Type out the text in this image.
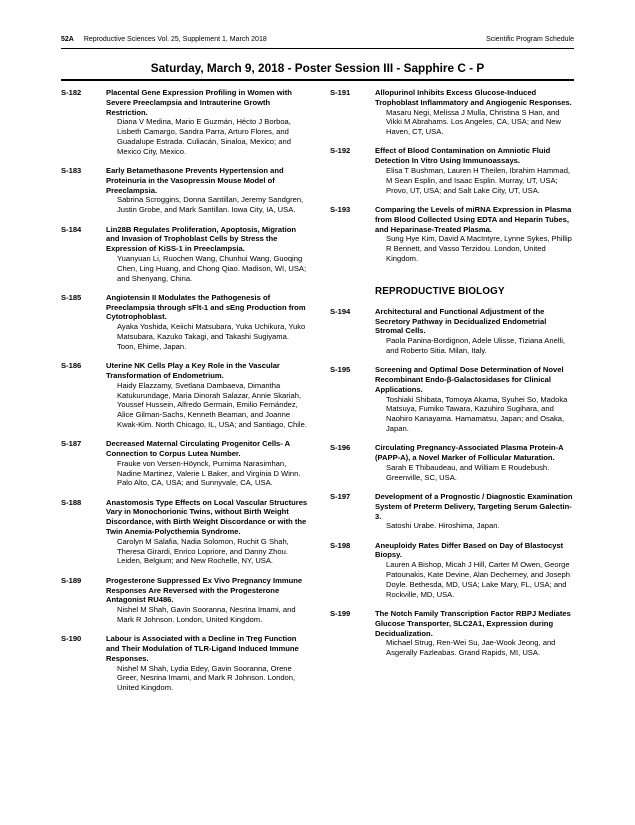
52A Reproductive Sciences Vol. 25, Supplement 1, March 2018	Scientific Program Schedule
Saturday, March 9, 2018 - Poster Session III - Sapphire C - P
S-182	Placental Gene Expression Profiling in Women with Severe Preeclampsia and Intrauterine Growth Restriction.
Diana V Medina, Mario E Guzmán, Hécto J Borboa, Lisbeth Camargo, Sandra Parra, Arturo Flores, and Guadalupe Estrada. Culiacán, Sinaloa, Mexico; and Mexico City, Mexico.
S-183	Early Betamethasone Prevents Hypertension and Proteinuria in the Vasopressin Mouse Model of Preeclampsia.
Sabrina Scroggins, Donna Santillan, Jeremy Sandgren, Justin Grobe, and Mark Santillan. Iowa City, IA, USA.
S-184	Lin28B Regulates Proliferation, Apoptosis, Migration and Invasion of Trophoblast Cells by Stress the Expression of KiSS-1 in Preeclampsia.
Yuanyuan Li, Ruochen Wang, Chunhui Wang, Guoqing Chen, Ling Huang, and Chong Qiao. Madison, WI, USA; and Shenyang, China.
S-185	Angiotensin II Modulates the Pathogenesis of Preeclampsia through sFlt-1 and sEng Production from Cytotrophoblast.
Ayaka Yoshida, Keiichi Matsubara, Yuka Uchikura, Yuko Matsubara, Kazuko Takagi, and Takashi Sugiyama. Toon, Ehime, Japan.
S-186	Uterine NK Cells Play a Key Role in the Vascular Transformation of Endometrium.
Haidy Elazzamy, Svetlana Dambaeva, Dimantha Katukurundage, Maria Dinorah Salazar, Annie Skariah, Youssef Hussein, Alfredo Germain, Emilio Fernández, Alice Gilman-Sachs, Kenneth Beaman, and Joanne Kwak-Kim. North Chicago, IL, USA; and Santiago, Chile.
S-187	Decreased Maternal Circulating Progenitor Cells- A Connection to Corpus Lutea Number.
Frauke von Versen-Höynck, Purnima Narasimhan, Nadine Martinez, Valerie L Baker, and Virginia D Winn. Palo Alto, CA, USA; and Sunnyvale, CA, USA.
S-188	Anastomosis Type Effects on Local Vascular Structures Vary in Monochorionic Twins, without Birth Weight Discordance, with Birth Weight Discordance or with the Twin Anemia-Polycthemia Syndrome.
Carolyn M Salafia, Nadia Solomon, Ruchit G Shah, Theresa Girardi, Enrico Lopriore, and Danny Zhou. Leiden, Belgium; and New Rochelle, NY, USA.
S-189	Progesterone Suppressed Ex Vivo Pregnancy Immune Responses Are Reversed with the Progesterone Antagonist RU486.
Nishel M Shah, Gavin Sooranna, Nesrina Imami, and Mark R Johnson. London, United Kingdom.
S-190	Labour is Associated with a Decline in Treg Function and Their Modulation of TLR-Ligand Induced Immune Responses.
Nishel M Shah, Lydia Edey, Gavin Sooranna, Orene Greer, Nesrina Imami, and Mark R Johnson. London, United Kingdom.
S-191	Allopurinol Inhibits Excess Glucose-Induced Trophoblast Inflammatory and Angiogenic Responses.
Masaru Negi, Melissa J Mulla, Christina S Han, and Vikki M Abrahams. Los Angeles, CA, USA; and New Haven, CT, USA.
S-192	Effect of Blood Contamination on Amniotic Fluid Detection In Vitro Using Immunoassays.
Elisa T Bushman, Lauren H Theilen, Ibrahim Hammad, M Sean Esplin, and Isaac Esplin. Murray, UT, USA; Provo, UT, USA; and Salt Lake City, UT, USA.
S-193	Comparing the Levels of miRNA Expression in Plasma from Blood Collected Using EDTA and Heparin Tubes, and Heparinase-Treated Plasma.
Sung Hye Kim, David A MacIntyre, Lynne Sykes, Phillip R Bennett, and Vasso Terzidou. London, United Kingdom.
REPRODUCTIVE BIOLOGY
S-194	Architectural and Functional Adjustment of the Secretory Pathway in Decidualized Endometrial Stromal Cells.
Paola Panina-Bordignon, Adele Ulisse, Tiziana Anelli, and Roberto Sitia. Milan, Italy.
S-195	Screening and Optimal Dose Determination of Novel Recombinant Endo-β-Galactosidases for Clinical Applications.
Toshiaki Shibata, Tomoya Akama, Syuhei So, Madoka Matsuya, Fumiko Tawara, Kazuhiro Sugihara, and Naohiro Kanayama. Hamamatsu, Japan; and Osaka, Japan.
S-196	Circulating Pregnancy-Associated Plasma Protein-A (PAPP-A), a Novel Marker of Follicular Maturation.
Sarah E Thibaudeau, and William E Roudebush. Greenville, SC, USA.
S-197	Development of a Prognostic / Diagnostic Examination System of Preterm Delivery, Targeting Serum Galectin-3.
Satoshi Urabe. Hiroshima, Japan.
S-198	Aneuploidy Rates Differ Based on Day of Blastocyst Biopsy.
Lauren A Bishop, Micah J Hill, Carter M Owen, George Patounakis, Kate Devine, Alan Decherney, and Joseph Doyle. Bethesda, MD, USA; Lake Mary, FL, USA; and Rockville, MD, USA.
S-199	The Notch Family Transcription Factor RBPJ Mediates Glucose Transporter, SLC2A1, Expression during Decidualization.
Michael Strug, Ren-Wei Su, Jae-Wook Jeong, and Asgerally Fazleabas. Grand Rapids, MI, USA.
